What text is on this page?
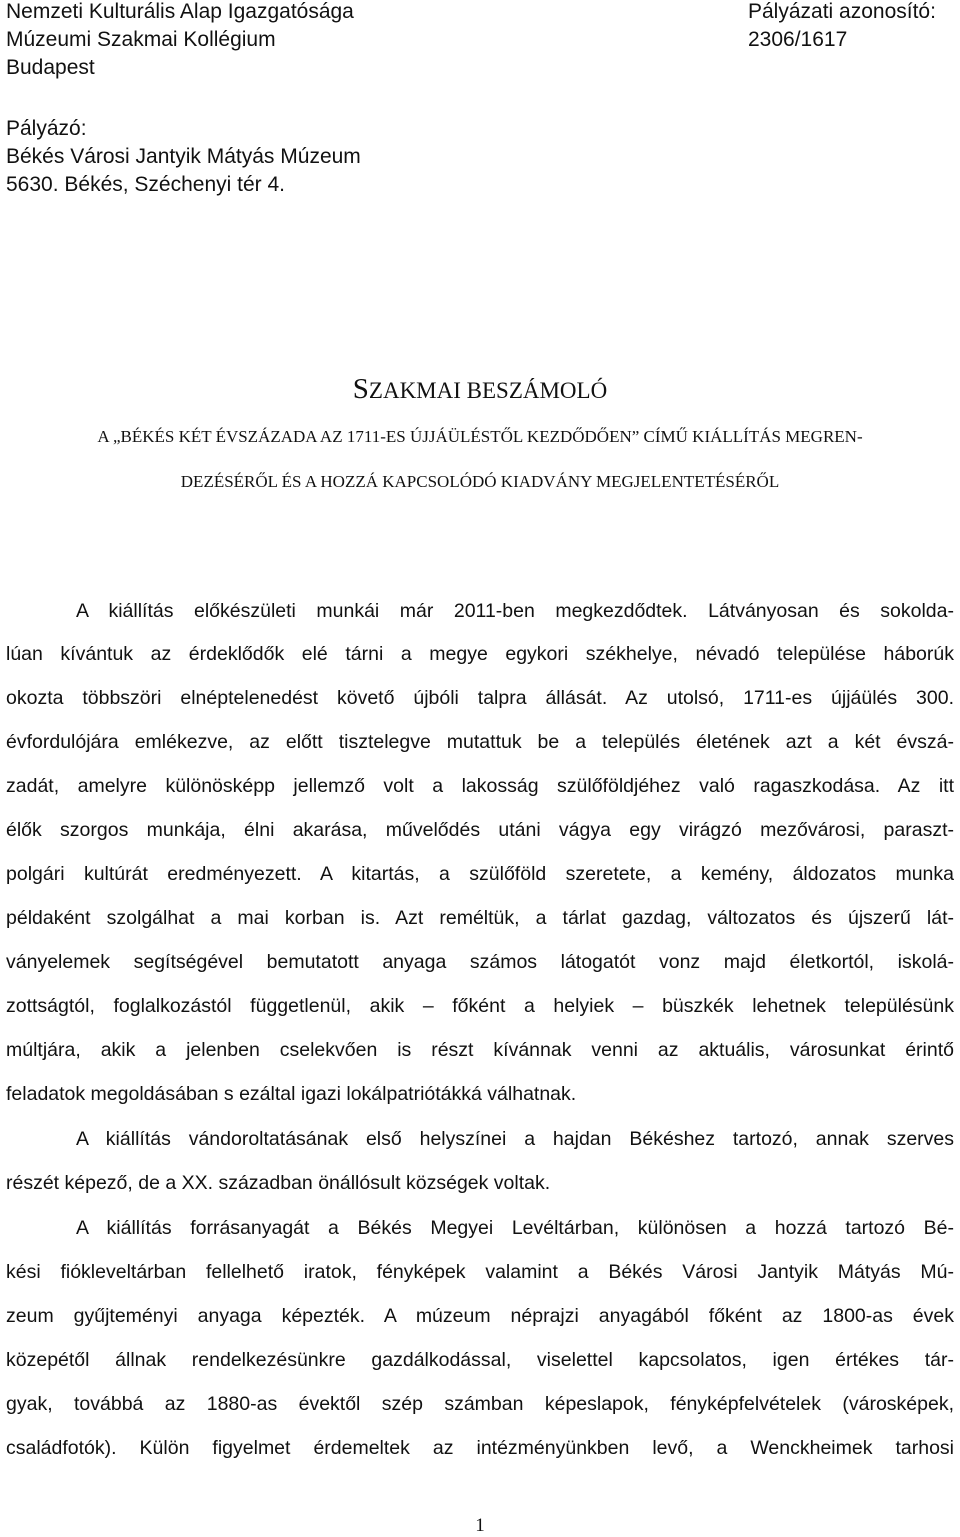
Nemzeti Kulturális Alap Igazgatósága
Múzeumi Szakmai Kollégium
Budapest
Pályázati azonosító:
2306/1617
Pályázó:
Békés Városi Jantyik Mátyás Múzeum
5630. Békés, Széchenyi tér 4.
SZAKMAI BESZÁMOLÓ
A „BÉKÉS KÉT ÉVSZÁZADA AZ 1711-ES ÚJJÁÜLÉSTŐL KEZDŐDŐEN” CÍMŰ KIÁLLÍTÁS MEGREN-
DEZÉSÉRŐL ÉS A HOZZÁ KAPCSOLÓDÓ KIADVÁNY MEGJELENTETÉSÉRŐL
A kiállítás előkészületi munkái már 2011-ben megkezdődtek. Látványosan és sokolda-
lúan kívántuk az érdeklődők elé tárni a megye egykori székhelye, névadó települése háborúk
okozta többszöri elnéptelenedést követő újbóli talpra állását. Az utolsó, 1711-es újjáülés 300.
évfordulójára emlékezve, az előtt tisztelegve mutattuk be a település életének azt a két évszá-
zadát, amelyre különösképp jellemző volt a lakosság szülőföldjéhez való ragaszkodása. Az itt
élők szorgos munkája, élni akarása, művelődés utáni vágya egy virágzó mezővárosi, paraszt-
polgári kultúrát eredményezett. A kitartás, a szülőföld szeretete, a kemény, áldozatos munka
példaként szolgálhat a mai korban is. Azt reméltük, a tárlat gazdag, változatos és újszerű lát-
ványelemek segítségével bemutatott anyaga számos látogatót vonz majd életkortól, iskolá-
zottságtól, foglalkozástól függetlenül, akik – főként a helyiek – büszkék lehetnek településünk
múltjára, akik a jelenben cselekvően is részt kívánnak venni az aktuális, városunkat érintő
feladatok megoldásában s ezáltal igazi lokálpatriótákká válhatnak.
A kiállítás vándoroltatásának első helyszínei a hajdan Békéshez tartozó, annak szerves
részét képező, de a XX. században önállósult községek voltak.
A kiállítás forrásanyagát a Békés Megyei Levéltárban, különösen a hozzá tartozó Bé-
kési fiókleveltárban fellelhető iratok, fényképek valamint a Békés Városi Jantyik Mátyás Mú-
zeum gyűjteményi anyaga képezték. A múzeum néprajzi anyagából főként az 1800-as évek
közepétől állnak rendelkezésünkre gazdálkodással, viselettel kapcsolatos, igen értékes tár-
gyak, továbbá az 1880-as évektől szép számban képeslapok, fényképfelvételek (városképek,
családfotók). Külön figyelmet érdemeltek az intézményünkben levő, a Wenckheimek tarhosi
1
